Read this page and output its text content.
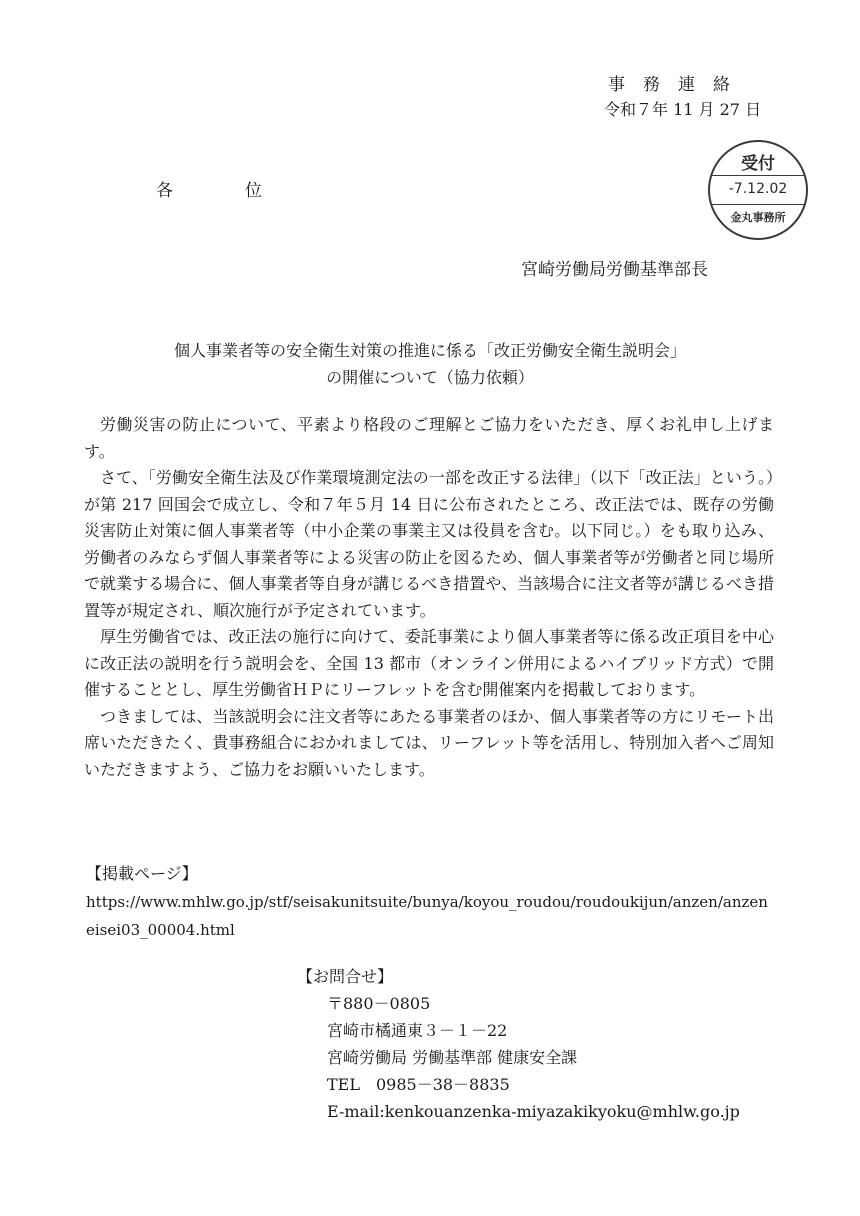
事務連絡
令和７年 11 月 27 日
受付
-7.12.02
金丸事務所
各位
宮崎労働局労働基準部長
個人事業者等の安全衛生対策の推進に係る「改正労働安全衛生説明会」
の開催について（協力依頼）

労働災害の防止について、平素より格段のご理解とご協力をいただき、厚くお礼申し上げます。

さて、「労働安全衛生法及び作業環境測定法の一部を改正する法律」（以下「改正法」という。）が第 217 回国会で成立し、令和７年５月 14 日に公布されたところ、改正法では、既存の労働災害防止対策に個人事業者等（中小企業の事業主又は役員を含む。以下同じ。）をも取り込み、労働者のみならず個人事業者等による災害の防止を図るため、個人事業者等が労働者と同じ場所で就業する場合に、個人事業者等自身が講じるべき措置や、当該場合に注文者等が講じるべき措置等が規定され、順次施行が予定されています。

厚生労働省では、改正法の施行に向けて、委託事業により個人事業者等に係る改正項目を中心に改正法の説明を行う説明会を、全国 13 都市（オンライン併用によるハイブリッド方式）で開催することとし、厚生労働省ＨＰにリーフレットを含む開催案内を掲載しております。

つきましては、当該説明会に注文者等にあたる事業者のほか、個人事業者等の方にリモート出席いただきたく、貴事務組合におかれましては、リーフレット等を活用し、特別加入者へご周知いただきますよう、ご協力をお願いいたします。

【掲載ページ】
https://www.mhlw.go.jp/stf/seisakunitsuite/bunya/koyou_roudou/roudoukijun/anzen/anzeneisei03_00004.html
【お問合せ】
〒880－0805
宮崎市橘通東３－１－22
宮崎労働局 労働基準部 健康安全課
TEL　0985－38－8835
E-mail:kenkouanzenka-miyazakikyoku@mhlw.go.jp
